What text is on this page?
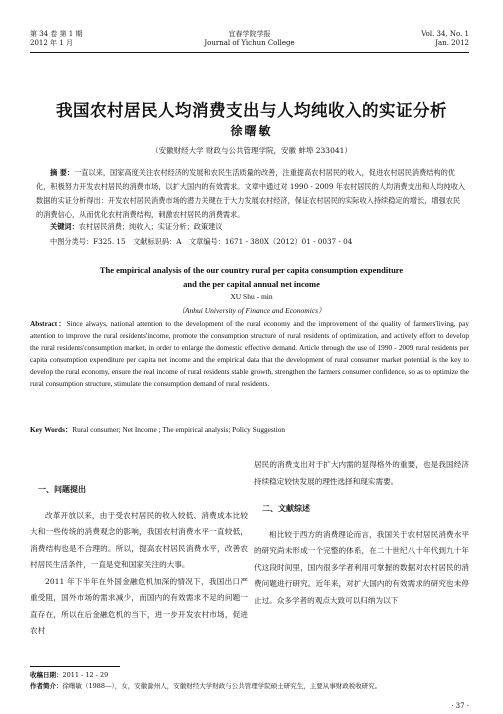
第 34 卷 第 1 期
2012 年 1 月
宜春学院学报
Journal of Yichun College
Vol. 34, No. 1
Jan. 2012
我国农村居民人均消费支出与人均纯收入的实证分析
徐曙敏
（安徽财经大学 财政与公共管理学院，安徽 蚌埠 233041）
摘 要：一直以来，国家高度关注农村经济的发展和农民生活质量的改善，注重提高农村居民的收入，促进农村居民消费结构的优化，积极努力开发农村居民的消费市场，以扩大国内的有效需求。文章中通过对 1990 - 2009 年农村居民的人均消费支出和人均纯收入数据的实证分析得出：开发农村居民消费市场的潜力关键在于大力发展农村经济，保证农村居民的实际收入持续稳定的增长，增强农民的消费信心，从而优化农村消费结构，刺激农村居民的消费需求。
关键词：农村居民消费；纯收入；实证分析；政策建议
中图分类号：F325. 15 文献标识码：A 文章编号：1671 - 380X（2012）01 - 0037 - 04
The empirical analysis of the our country rural per capita consumption expenditure
and the per capital annual net income
XU Shu - min
（Anhui University of Finance and Economics）
Abstract：Since always, national attention to the development of the rural economy and the improvement of the quality of farmers'living, pay attention to improve the rural residents'income, promote the consumption structure of rural residents of optimization, and actively effort to develop the rural residents'consumption market, in order to enlarge the domestic effective demand. Article through the use of 1990 - 2009 rural residents per capita consumption expenditure per capita net income and the empirical data that the development of rural consumer market potential is the key to develop the rural economy, ensure the real income of rural residents stable growth, strengthen the farmers consumer confidence, so as to optimize the rural consumption structure, stimulate the consumption demand of rural residents.
Key Words：Rural consumer; Net Income ; The empirical analysis; Policy Suggestion

一、问题提出

改革开放以来，由于受农村居民的收入较低、消费成本比较大和一些传统的消费观念的影响，我国农村消费水平一直较低，消费结构也是不合理的。所以，提高农村居民消费水平，改善农村居民生活条件，一直是党和国家关注的大事。

2011 年下半年在外国金融危机加深的情况下，我国出口严重受阻，国外市场的需求减少，而国内的有效需求不足的问题一直存在，所以在后金融危机的当下，进一步开发农村市场，促进农村

居民的消费支出对于扩大内需的显得格外的重要，也是我国经济持续稳定较快发展的理性选择和现实需要。

二、文献综述

相比较于西方的消费理论而言，我国关于农村居民消费水平的研究尚未形成一个完整的体系，在二十世纪八十年代到九十年代这段时间里，国内很多学者利用可掌握的数据对农村居民的消费问题进行研究。近年来，对扩大国内的有效需求的研究也未停止过。众多学者的观点大致可以归纳为以下

收稿日期：2011 - 12 - 29
作者简介：徐曙敏（1988—），女，安徽滁州人，安徽财经大学财政与公共管理学院硕士研究生，主要从事财政税收研究。
· 37 ·
